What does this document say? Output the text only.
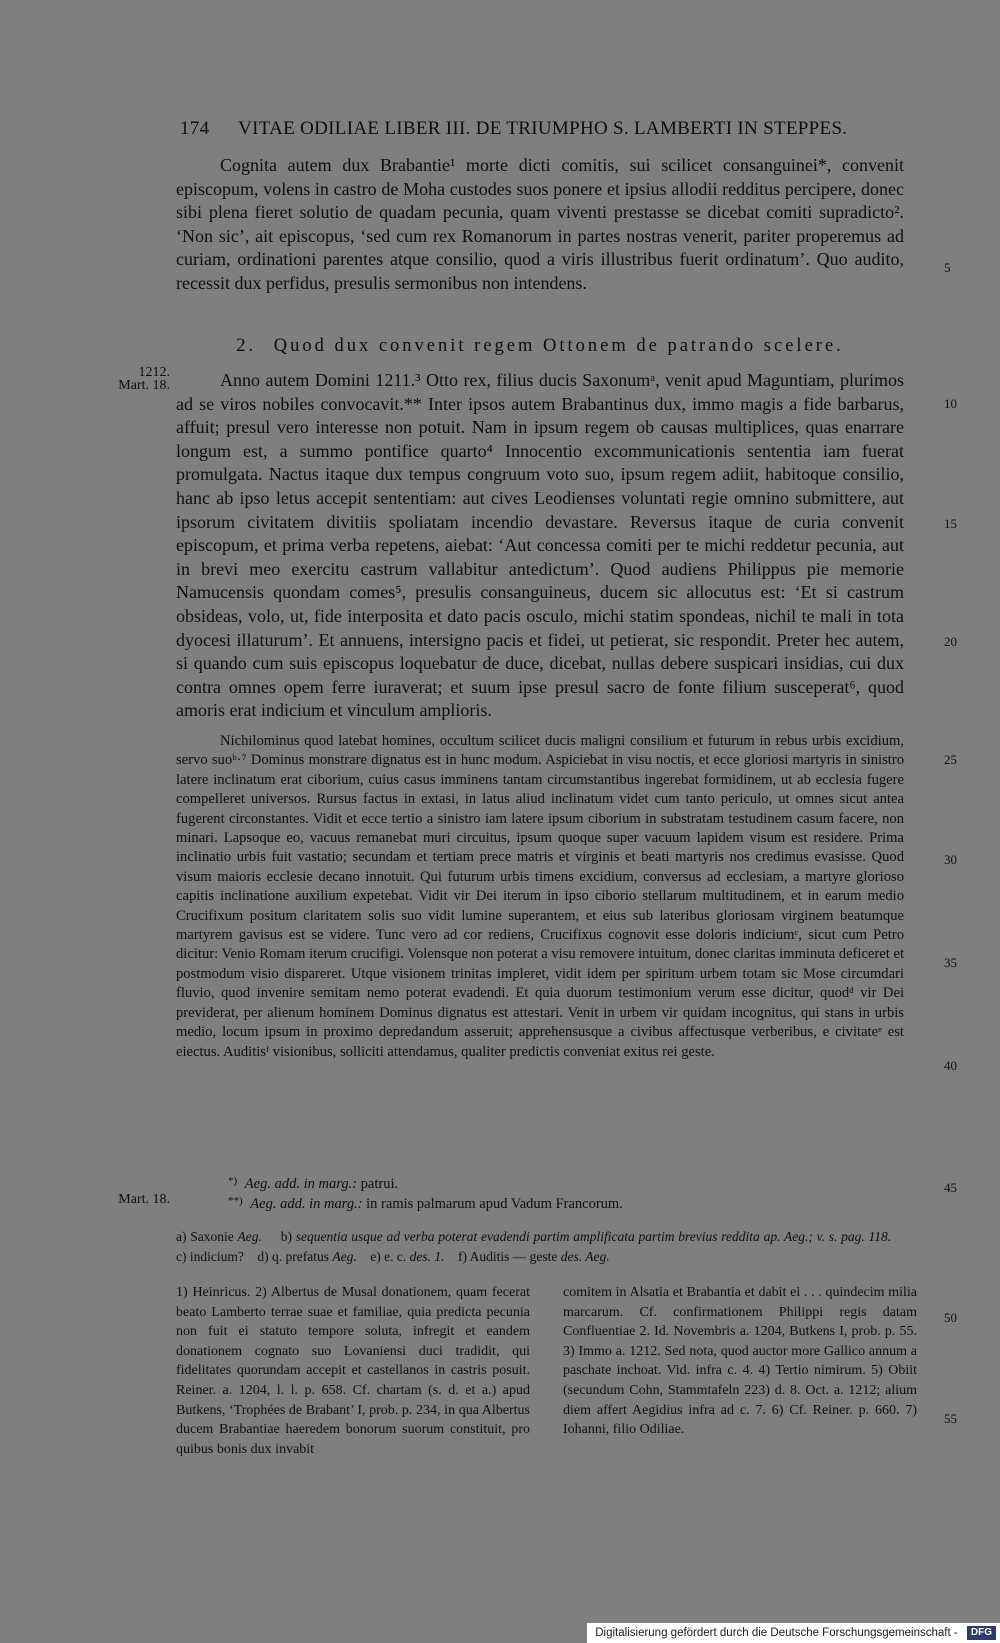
174 VITAE ODILIAE LIBER III. DE TRIUMPHO S. LAMBERTI IN STEPPES.

Cognita autem dux Brabantie¹ morte dicti comitis, sui scilicet consanguinei*, convenit episcopum, volens in castro de Moha custodes suos ponere et ipsius allodii redditus percipere, donec sibi plena fieret solutio de quadam pecunia, quam viventi prestasse se dicebat comiti supradicto². ‘Non sic’, ait episcopus, ‘sed cum rex Romanorum in partes nostras venerit, pariter properemus ad curiam, ordinationi parentes atque consilio, quod a viris illustribus fuerit ordinatum’. Quo audito, recessit dux perfidus, presulis sermonibus non intendens.

2. Quod dux convenit regem Ottonem de patrando scelere.

Anno autem Domini 1211.³ Otto rex, filius ducis Saxonumᵃ, venit apud Maguntiam, plurimos ad se viros nobiles convocavit.** Inter ipsos autem Brabantinus dux, immo magis a fide barbarus, affuit; presul vero interesse non potuit. Nam in ipsum regem ob causas multiplices, quas enarrare longum est, a summo pontifice quarto⁴ Innocentio excommunicationis sententia iam fuerat promulgata. Nactus itaque dux tempus congruum voto suo, ipsum regem adiit, habitoque consilio, hanc ab ipso letus accepit sententiam: aut cives Leodienses voluntati regie omnino submittere, aut ipsorum civitatem divitiis spoliatam incendio devastare. Reversus itaque de curia convenit episcopum, et prima verba repetens, aiebat: ‘Aut concessa comiti per te michi reddetur pecunia, aut in brevi meo exercitu castrum vallabitur antedictum’. Quod audiens Philippus pie memorie Namucensis quondam comes⁵, presulis consanguineus, ducem sic allocutus est: ‘Et si castrum obsideas, volo, ut, fide interposita et dato pacis osculo, michi statim spondeas, nichil te mali in tota dyocesi illaturum’. Et annuens, intersigno pacis et fidei, ut petierat, sic respondit. Preter hec autem, si quando cum suis episcopus loquebatur de duce, dicebat, nullas debere suspicari insidias, cui dux contra omnes opem ferre iuraverat; et suum ipse presul sacro de fonte filium susceperat⁶, quod amoris erat indicium et vinculum amplioris.

Nichilominus quod latebat homines, occultum scilicet ducis maligni consilium et futurum in rebus urbis excidium, servo suoᵇ·⁷ Dominus monstrare dignatus est in hunc modum. Aspiciebat in visu noctis, et ecce gloriosi martyris in sinistro latere inclinatum erat ciborium, cuius casus imminens tantam circumstantibus ingerebat formidinem, ut ab ecclesia fugere compelleret universos. Rursus factus in extasi, in latus aliud inclinatum videt cum tanto periculo, ut omnes sicut antea fugerent circonstantes. Vidit et ecce tertio a sinistro iam latere ipsum ciborium in substratam testudinem casum facere, non minari. Lapsoque eo, vacuus remanebat muri circuitus, ipsum quoque super vacuum lapidem visum est residere. Prima inclinatio urbis fuit vastatio; secundam et tertiam prece matris et virginis et beati martyris nos credimus evasisse. Quod visum maioris ecclesie decano innotuit. Qui futurum urbis timens excidium, conversus ad ecclesiam, a martyre glorioso capitis inclinatione auxilium expetebat. Vidit vir Dei iterum in ipso ciborio stellarum multitudinem, et in earum medio Crucifixum positum claritatem solis suo vidit lumine superantem, et eius sub lateribus gloriosam virginem beatumque martyrem gavisus est se videre. Tunc vero ad cor rediens, Crucifixus cognovit esse doloris indiciumᶜ, sicut cum Petro dicitur: Venio Romam iterum crucifigi. Volensque non poterat a visu removere intuitum, donec claritas imminuta deficeret et postmodum visio dispareret. Utque visionem trinitas impleret, vidit idem per spiritum urbem totam sic Mose circumdari fluvio, quod invenire semitam nemo poterat evadendi. Et quia duorum testimonium verum esse dicitur, quodᵈ vir Dei previderat, per alienum hominem Dominus dignatus est attestari. Venit in urbem vir quidam incognitus, qui stans in urbis medio, locum ipsum in proximo depredandum asseruit; apprehensusque a civibus affectusque verberibus, e civitateᵉ est eiectus. Auditisᶠ visionibus, solliciti attendamus, qualiter predictis conveniat exitus rei geste.

1212.
Mart. 18.
Mart. 18.
5
10
15
20
25
30
35
40
45
50
55
*) Aeg. add. in marg.: patrui.
**) Aeg. add. in marg.: in ramis palmarum apud Vadum Francorum.

a) Saxonie Aeg. b) sequentia usque ad verba poterat evadendi partim amplificata partim brevius reddita ap. Aeg.; v. s. pag. 118.    c) indicium? d) q. prefatus Aeg. e) e. c. des. 1. f) Auditis — geste des. Aeg.

1) Heinricus. 2) Albertus de Musal donationem, quam fecerat beato Lamberto terrae suae et familiae, quia predicta pecunia non fuit ei statuto tempore soluta, infregit et eandem donationem cognato suo Lovaniensi duci tradidit, qui fidelitates quorundam accepit et castellanos in castris posuit. Reiner. a. 1204, l. l. p. 658. Cf. chartam (s. d. et a.) apud Butkens, ‘Trophées de Brabant’ I, prob. p. 234, in qua Albertus ducem Brabantiae haeredem bonorum suorum constituit, pro quibus bonis dux invabit

comitem in Alsatia et Brabantia et dabit ei . . . quindecim milia marcarum. Cf. confirmationem Philippi regis datam Confluentiae 2. Id. Novembris a. 1204, Butkens I, prob. p. 55. 3) Immo a. 1212. Sed nota, quod auctor more Gallico annum a paschate inchoat. Vid. infra c. 4. 4) Tertio nimirum. 5) Obiit (secundum Cohn, Stammtafeln 223) d. 8. Oct. a. 1212; alium diem affert Aegidius infra ad c. 7. 6) Cf. Reiner. p. 660. 7) Iohanni, filio Odiliae.

Digitalisierung gefördert durch die Deutsche Forschungsgemeinschaft - DFG
